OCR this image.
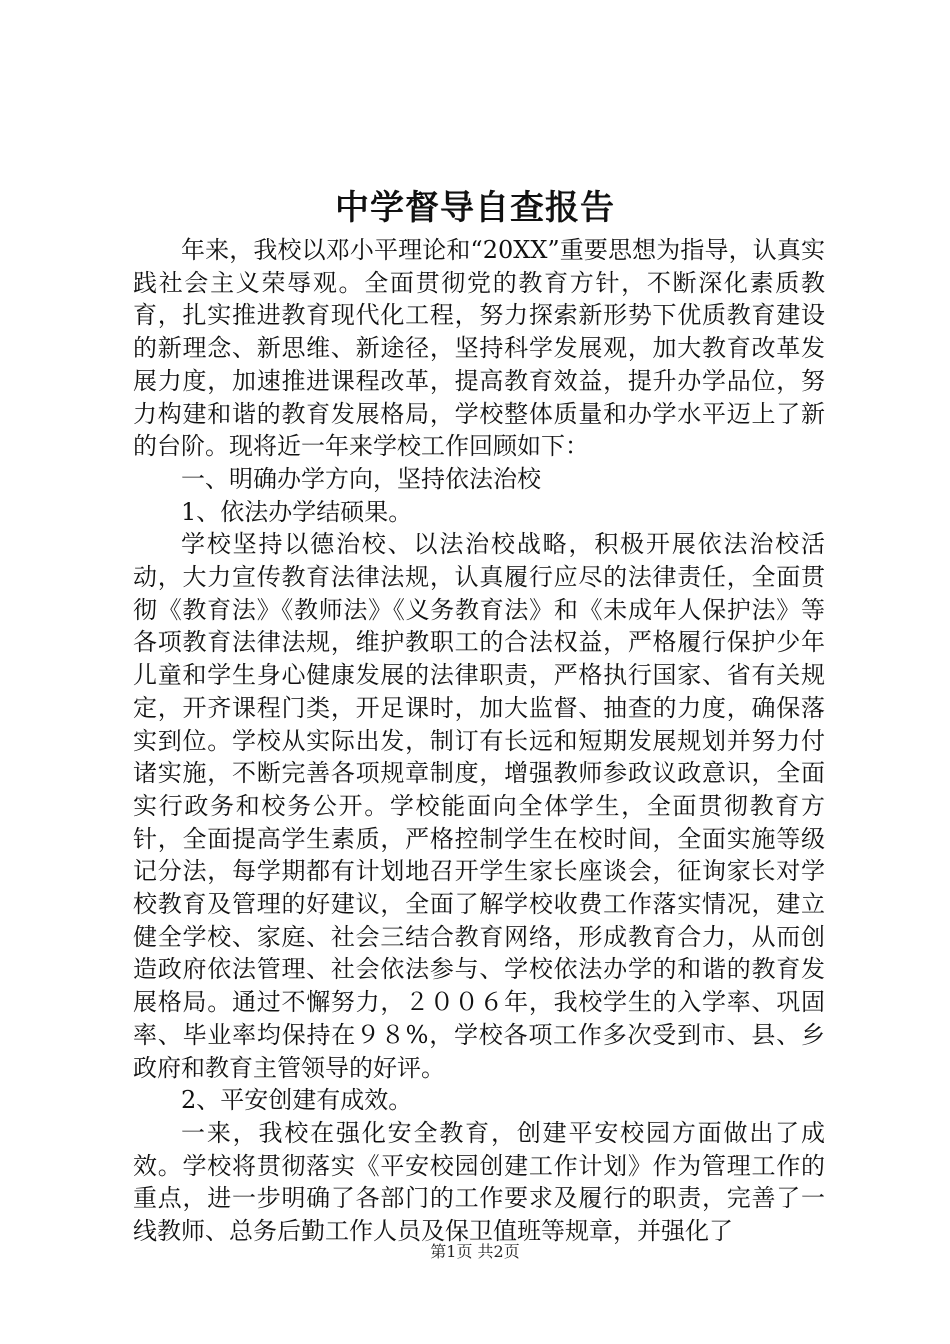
中学督导自查报告

年来，我校以邓小平理论和“20XX”重要思想为指导，认真实践社会主义荣辱观。全面贯彻党的教育方针，不断深化素质教育，扎实推进教育现代化工程，努力探索新形势下优质教育建设的新理念、新思维、新途径，坚持科学发展观，加大教育改革发展力度，加速推进课程改革，提高教育效益，提升办学品位，努力构建和谐的教育发展格局，学校整体质量和办学水平迈上了新的台阶。现将近一年来学校工作回顾如下：

一、明确办学方向，坚持依法治校

1、依法办学结硕果。

学校坚持以德治校、以法治校战略，积极开展依法治校活动，大力宣传教育法律法规，认真履行应尽的法律责任，全面贯彻《教育法》《教师法》《义务教育法》和《未成年人保护法》等各项教育法律法规，维护教职工的合法权益，严格履行保护少年儿童和学生身心健康发展的法律职责，严格执行国家、省有关规定，开齐课程门类，开足课时，加大监督、抽查的力度，确保落实到位。学校从实际出发，制订有长远和短期发展规划并努力付诸实施，不断完善各项规章制度，增强教师参政议政意识，全面实行政务和校务公开。学校能面向全体学生，全面贯彻教育方针，全面提高学生素质，严格控制学生在校时间，全面实施等级记分法，每学期都有计划地召开学生家长座谈会，征询家长对学校教育及管理的好建议，全面了解学校收费工作落实情况，建立健全学校、家庭、社会三结合教育网络，形成教育合力，从而创造政府依法管理、社会依法参与、学校依法办学的和谐的教育发展格局。通过不懈努力，２００６年，我校学生的入学率、巩固率、毕业率均保持在９８%，学校各项工作多次受到市、县、乡政府和教育主管领导的好评。

2、平安创建有成效。

一来，我校在强化安全教育，创建平安校园方面做出了成效。学校将贯彻落实《平安校园创建工作计划》作为管理工作的重点，进一步明确了各部门的工作要求及履行的职责，完善了一线教师、总务后勤工作人员及保卫值班等规章，并强化了

第1页 共2页
